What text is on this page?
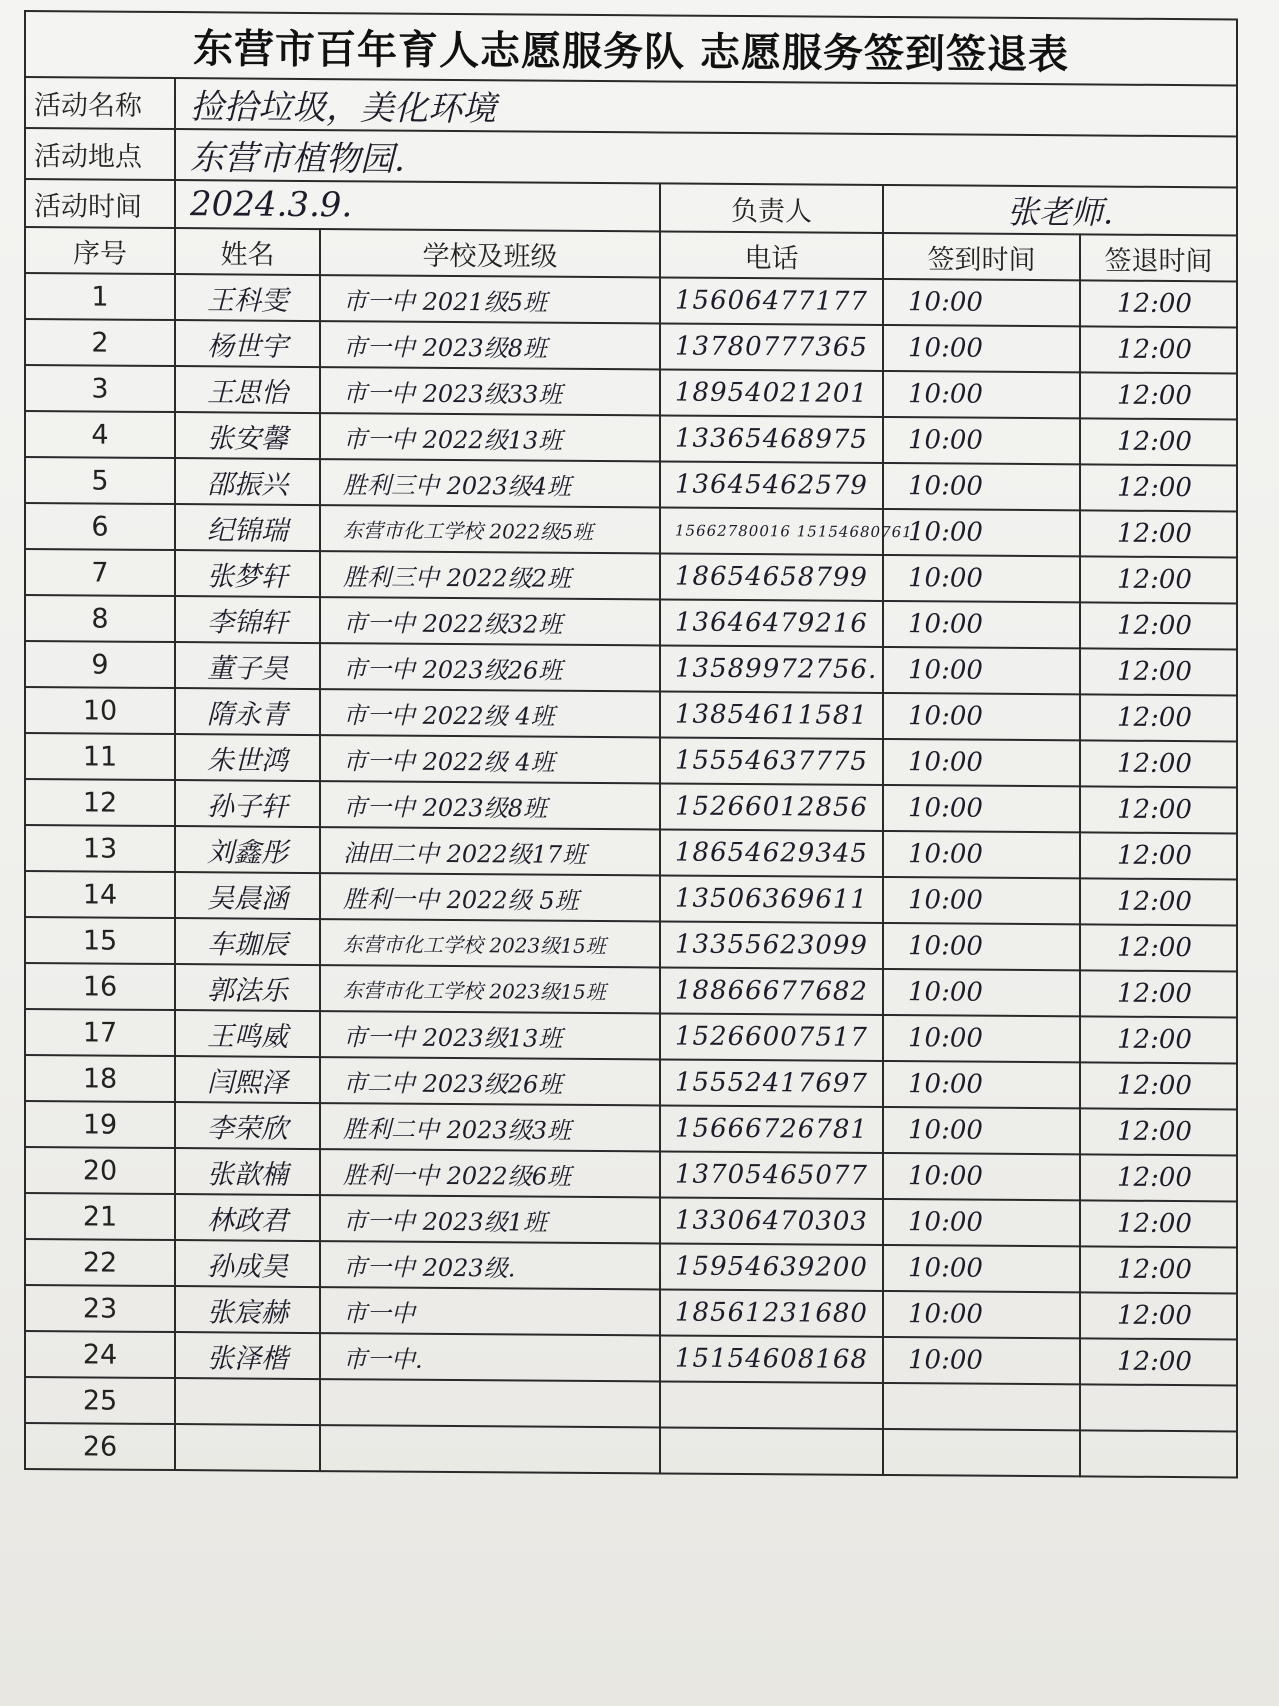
东营市百年育人志愿服务队 志愿服务签到签退表					
活动名称	捡拾垃圾，美化环境				
活动地点	东营市植物园.				
活动时间	2024.3.9.		负责人	张老师.	
序号	姓名	学校及班级	电话	签到时间	签退时间
1	王科雯	市一中 2021级5班	15606477177	10:00	12:00
2	杨世宇	市一中 2023级8班	13780777365	10:00	12:00
3	王思怡	市一中 2023级33班	18954021201	10:00	12:00
4	张安馨	市一中 2022级13班	13365468975	10:00	12:00
5	邵振兴	胜利三中 2023级4班	13645462579	10:00	12:00
6	纪锦瑞	东营市化工学校 2022级5班	15662780016 15154680761	10:00	12:00
7	张梦轩	胜利三中 2022级2班	18654658799	10:00	12:00
8	李锦轩	市一中 2022级32班	13646479216	10:00	12:00
9	董子昊	市一中 2023级26班	13589972756.	10:00	12:00
10	隋永青	市一中 2022级 4班	13854611581	10:00	12:00
11	朱世鸿	市一中 2022级 4班	15554637775	10:00	12:00
12	孙子轩	市一中 2023级8班	15266012856	10:00	12:00
13	刘鑫彤	油田二中 2022级17班	18654629345	10:00	12:00
14	吴晨涵	胜利一中 2022级 5班	13506369611	10:00	12:00
15	车珈辰	东营市化工学校 2023级15班	13355623099	10:00	12:00
16	郭法乐	东营市化工学校 2023级15班	18866677682	10:00	12:00
17	王鸣威	市一中 2023级13班	15266007517	10:00	12:00
18	闫熙泽	市二中 2023级26班	15552417697	10:00	12:00
19	李荣欣	胜利二中 2023级3班	15666726781	10:00	12:00
20	张歆楠	胜利一中 2022级6班	13705465077	10:00	12:00
21	林政君	市一中 2023级1班	13306470303	10:00	12:00
22	孙成昊	市一中 2023级.	15954639200	10:00	12:00
23	张宸赫	市一中	18561231680	10:00	12:00
24	张泽楷	市一中.	15154608168	10:00	12:00
25					
26					
